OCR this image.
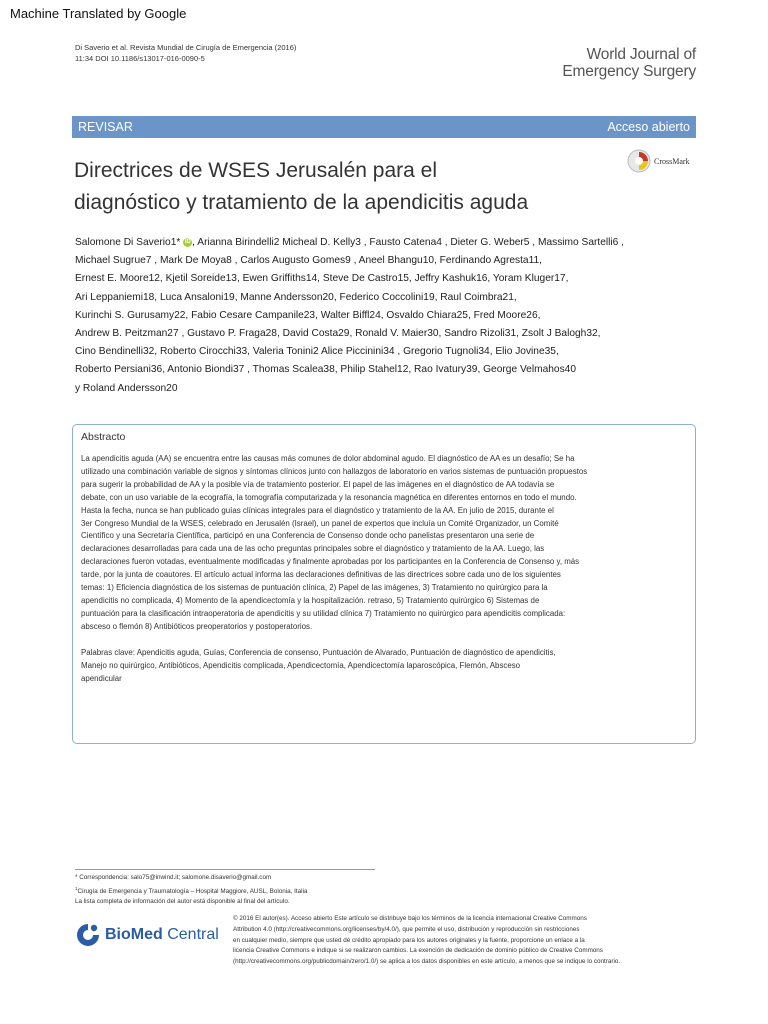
Machine Translated by Google
Di Saverio et al. Revista Mundial de Cirugía de Emergencia (2016)
11:34 DOI 10.1186/s13017-016-0090-5	World Journal of
Emergency Surgery
REVISAR	Acceso abierto
Directrices de WSES Jerusalén para el
diagnóstico y tratamiento de la apendicitis aguda
CrossMark
Salomone Di Saverio1* iD , Arianna Birindelli2 Micheal D. Kelly3 , Fausto Catena4 , Dieter G. Weber5 , Massimo Sartelli6 ,
Michael Sugrue7 , Mark De Moya8 , Carlos Augusto Gomes9 , Aneel Bhangu10, Ferdinando Agresta11,
Ernest E. Moore12, Kjetil Soreide13, Ewen Griffiths14, Steve De Castro15, Jeffry Kashuk16, Yoram Kluger17,
Ari Leppaniemi18, Luca Ansaloni19, Manne Andersson20, Federico Coccolini19, Raul Coimbra21,
Kurinchi S. Gurusamy22, Fabio Cesare Campanile23, Walter Biffl24, Osvaldo Chiara25, Fred Moore26,
Andrew B. Peitzman27 , Gustavo P. Fraga28, David Costa29, Ronald V. Maier30, Sandro Rizoli31, Zsolt J Balogh32,
Cino Bendinelli32, Roberto Cirocchi33, Valeria Tonini2 Alice Piccinini34 , Gregorio Tugnoli34, Elio Jovine35,
Roberto Persiani36, Antonio Biondi37 , Thomas Scalea38, Philip Stahel12, Rao Ivatury39, George Velmahos40
y Roland Andersson20
Abstracto
La apendicitis aguda (AA) se encuentra entre las causas más comunes de dolor abdominal agudo. El diagnóstico de AA es un desafío; Se ha
utilizado una combinación variable de signos y síntomas clínicos junto con hallazgos de laboratorio en varios sistemas de puntuación propuestos
para sugerir la probabilidad de AA y la posible vía de tratamiento posterior. El papel de las imágenes en el diagnóstico de AA todavía se
debate, con un uso variable de la ecografía, la tomografía computarizada y la resonancia magnética en diferentes entornos en todo el mundo.
Hasta la fecha, nunca se han publicado guías clínicas integrales para el diagnóstico y tratamiento de la AA. En julio de 2015, durante el
3er Congreso Mundial de la WSES, celebrado en Jerusalén (Israel), un panel de expertos que incluía un Comité Organizador, un Comité
Científico y una Secretaría Científica, participó en una Conferencia de Consenso donde ocho panelistas presentaron una serie de
declaraciones desarrolladas para cada una de las ocho preguntas principales sobre el diagnóstico y tratamiento de la AA. Luego, las
declaraciones fueron votadas, eventualmente modificadas y finalmente aprobadas por los participantes en la Conferencia de Consenso y, más
tarde, por la junta de coautores. El artículo actual informa las declaraciones definitivas de las directrices sobre cada uno de los siguientes
temas: 1) Eficiencia diagnóstica de los sistemas de puntuación clínica, 2) Papel de las imágenes, 3) Tratamiento no quirúrgico para la
apendicitis no complicada, 4) Momento de la apendicectomía y la hospitalización. retraso, 5) Tratamiento quirúrgico 6) Sistemas de
puntuación para la clasificación intraoperatoria de apendicitis y su utilidad clínica 7) Tratamiento no quirúrgico para apendicitis complicada:
absceso o flemón 8) Antibióticos preoperatorios y postoperatorios.
Palabras clave: Apendicitis aguda, Guías, Conferencia de consenso, Puntuación de Alvarado, Puntuación de diagnóstico de apendicitis,
Manejo no quirúrgico, Antibióticos, Apendicitis complicada, Apendicectomía, Apendicectomía laparoscópica, Flemón, Absceso
apendicular
* Correspondencia: salo75@inwind.it; salomone.disaverio@gmail.com
$^1$Cirugía de Emergencia y Traumatología – Hospital Maggiore, AUSL, Bolonia, Italia
La lista completa de información del autor está disponible al final del artículo.
BioMed Central
© 2016 El autor(es). Acceso abierto Este artículo se distribuye bajo los términos de la licencia internacional Creative Commons
Attribution 4.0 (http://creativecommons.org/licenses/by/4.0/), que permite el uso, distribución y reproducción sin restricciones
en cualquier medio, siempre que usted dé crédito apropiado para los autores originales y la fuente, proporcione un enlace a la
licencia Creative Commons e indique si se realizaron cambios. La exención de dedicación de dominio público de Creative Commons
(http://creativecommons.org/publicdomain/zero/1.0/) se aplica a los datos disponibles en este artículo, a menos que se indique lo contrario.
